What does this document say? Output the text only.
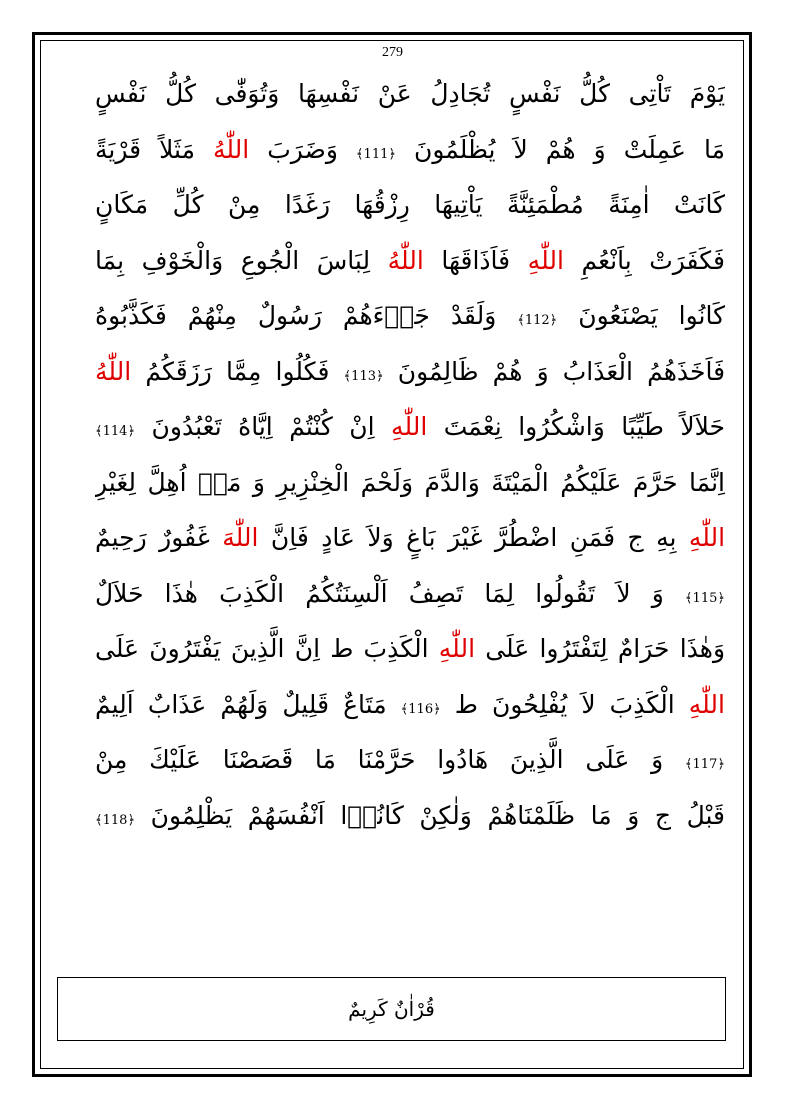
279
يَوْمَ تَاْتِى كُلُّ نَفْسٍ تُجَادِلُ عَنْ نَفْسِهَا وَتُوَفّٰى كُلُّ نَفْسٍ
مَا عَمِلَتْ وَ هُمْ لاَ يُظْلَمُونَ ﴿111﴾ وَضَرَبَ اللّٰهُ مَثَلاً قَرْيَةً
كَانَتْ اٰمِنَةً مُطْمَئِنَّةً يَاْتِيهَا رِزْقُهَا رَغَدًا مِنْ كُلِّ مَكَانٍ
فَكَفَرَتْ بِاَنْعُمِ اللّٰهِ فَاَذَاقَهَا اللّٰهُ لِبَاسَ الْجُوعِ وَالْخَوْفِ بِمَا
كَانُوا يَصْنَعُونَ ﴿112﴾ وَلَقَدْ جَاۤءَهُمْ رَسُولٌ مِنْهُمْ فَكَذَّبُوهُ
فَاَخَذَهُمُ الْعَذَابُ وَ هُمْ ظَالِمُونَ ﴿113﴾ فَكُلُوا مِمَّا رَزَقَكُمُ اللّٰهُ
حَلاَلاً طَيِّبًا وَاشْكُرُوا نِعْمَتَ اللّٰهِ اِنْ كُنْتُمْ اِيَّاهُ تَعْبُدُونَ ﴿114﴾
اِنَّمَا حَرَّمَ عَلَيْكُمُ الْمَيْتَةَ وَالدَّمَ وَلَحْمَ الْخِنْزِيرِ وَ مَاۤ اُهِلَّ لِغَيْرِ
اللّٰهِ بِهِ ج فَمَنِ اضْطُرَّ غَيْرَ بَاغٍ وَلاَ عَادٍ فَاِنَّ اللّٰهَ غَفُورٌ رَحِيمٌ
﴿115﴾ وَ لاَ تَقُولُوا لِمَا تَصِفُ اَلْسِنَتُكُمُ الْكَذِبَ هٰذَا حَلاَلٌ
وَهٰذَا حَرَامٌ لِتَفْتَرُوا عَلَى اللّٰهِ الْكَذِبَ ط اِنَّ الَّذِينَ يَفْتَرُونَ عَلَى
اللّٰهِ الْكَذِبَ لاَ يُفْلِحُونَ ط ﴿116﴾ مَتَاعٌ قَلِيلٌ وَلَهُمْ عَذَابٌ اَلِيمٌ
﴿117﴾ وَ عَلَى الَّذِينَ هَادُوا حَرَّمْنَا مَا قَصَصْنَا عَلَيْكَ مِنْ
قَبْلُ ج وَ مَا ظَلَمْنَاهُمْ وَلٰكِنْ كَانُوۤا اَنْفُسَهُمْ يَظْلِمُونَ ﴿118﴾
قُرْاٰنٌ كَرِيمٌ
